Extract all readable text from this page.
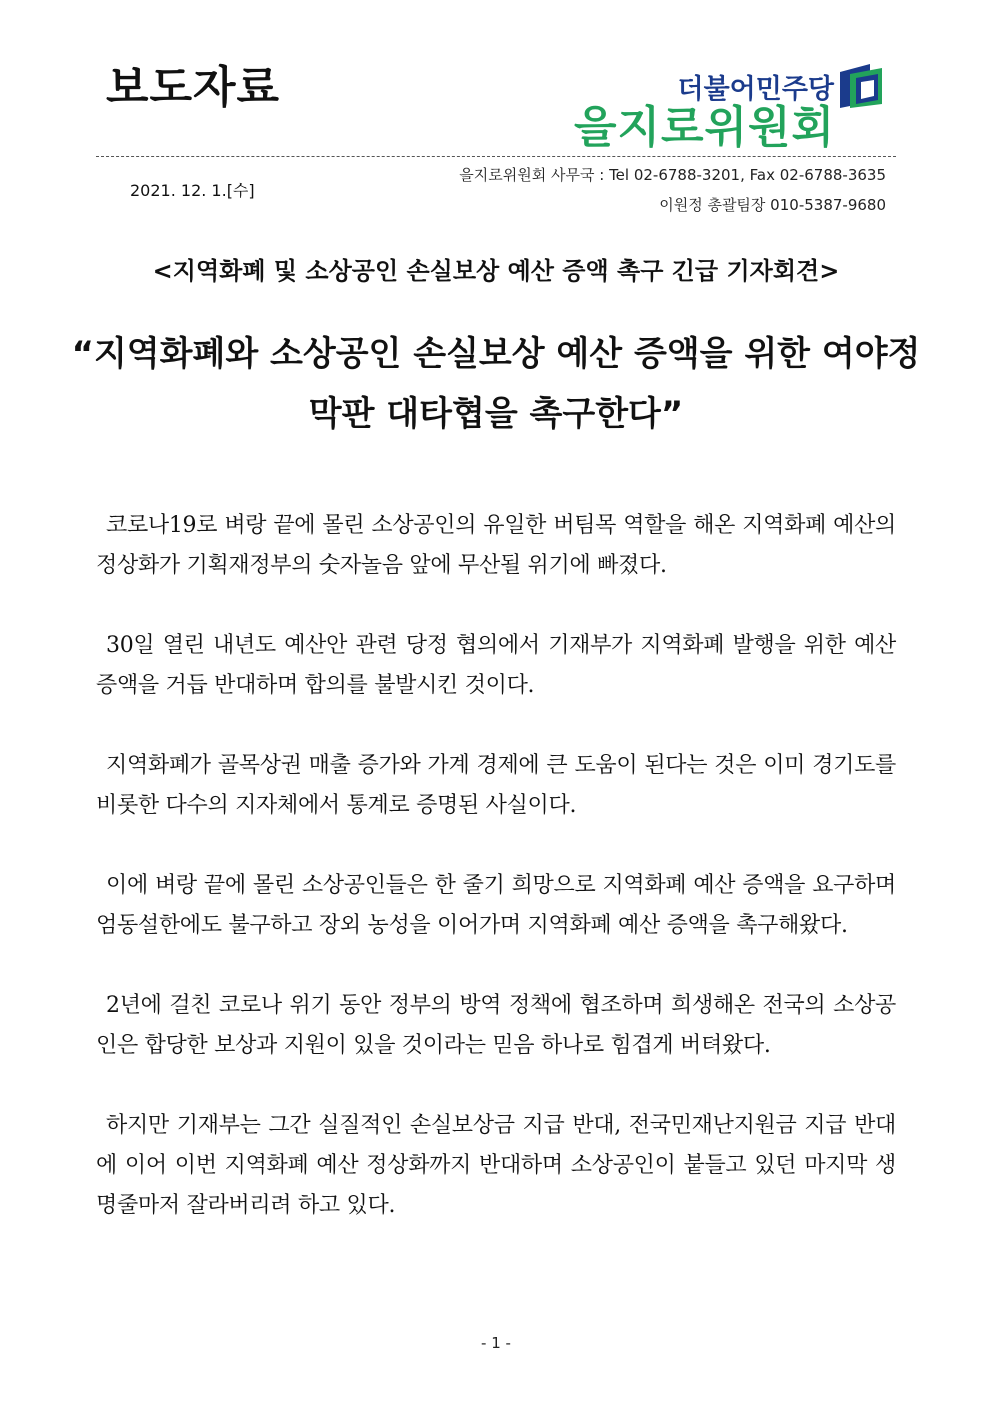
보도자료	더불어민주당
을지로위원회
2021. 12. 1.[수]
을지로위원회 사무국 : Tel 02-6788-3201, Fax 02-6788-3635
이원정 총괄팀장 010-5387-9680
<지역화폐 및 소상공인 손실보상 예산 증액 촉구 긴급 기자회견>
“지역화폐와 소상공인 손실보상 예산 증액을 위한 여야정
막판 대타협을 촉구한다”

코로나19로 벼랑 끝에 몰린 소상공인의 유일한 버팀목 역할을 해온 지역화폐 예산의 정상화가 기획재정부의 숫자놀음 앞에 무산될 위기에 빠졌다.

30일 열린 내년도 예산안 관련 당정 협의에서 기재부가 지역화폐 발행을 위한 예산 증액을 거듭 반대하며 합의를 불발시킨 것이다.

지역화폐가 골목상권 매출 증가와 가계 경제에 큰 도움이 된다는 것은 이미 경기도를 비롯한 다수의 지자체에서 통계로 증명된 사실이다.

이에 벼랑 끝에 몰린 소상공인들은 한 줄기 희망으로 지역화폐 예산 증액을 요구하며 엄동설한에도 불구하고 장외 농성을 이어가며 지역화폐 예산 증액을 촉구해왔다.

2년에 걸친 코로나 위기 동안 정부의 방역 정책에 협조하며 희생해온 전국의 소상공인은 합당한 보상과 지원이 있을 것이라는 믿음 하나로 힘겹게 버텨왔다.

하지만 기재부는 그간 실질적인 손실보상금 지급 반대, 전국민재난지원금 지급 반대에 이어 이번 지역화폐 예산 정상화까지 반대하며 소상공인이 붙들고 있던 마지막 생명줄마저 잘라버리려 하고 있다.

- 1 -
